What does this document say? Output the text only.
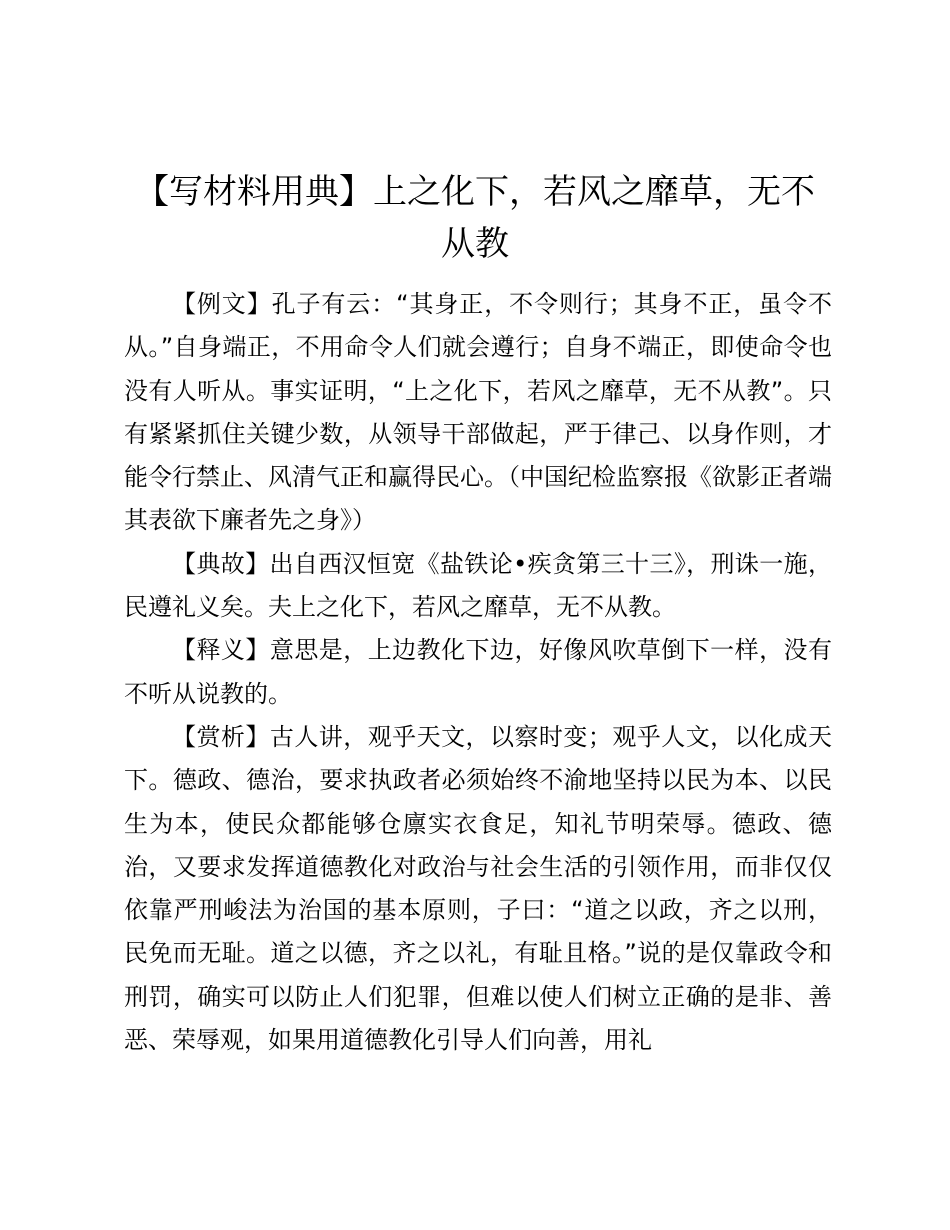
【写材料用典】上之化下，若风之靡草，无不从教

【例文】孔子有云：“其身正，不令则行；其身不正，虽令不从。”自身端正，不用命令人们就会遵行；自身不端正，即使命令也没有人听从。事实证明，“上之化下，若风之靡草，无不从教”。只有紧紧抓住关键少数，从领导干部做起，严于律己、以身作则，才能令行禁止、风清气正和赢得民心。（中国纪检监察报《欲影正者端其表欲下廉者先之身》）

【典故】出自西汉恒宽《盐铁论•疾贪第三十三》，刑诛一施，民遵礼义矣。夫上之化下，若风之靡草，无不从教。

【释义】意思是，上边教化下边，好像风吹草倒下一样，没有不听从说教的。

【赏析】古人讲，观乎天文，以察时变；观乎人文，以化成天下。德政、德治，要求执政者必须始终不渝地坚持以民为本、以民生为本，使民众都能够仓廪实衣食足，知礼节明荣辱。德政、德治，又要求发挥道德教化对政治与社会生活的引领作用，而非仅仅依靠严刑峻法为治国的基本原则，子曰：“道之以政，齐之以刑，民免而无耻。道之以德，齐之以礼，有耻且格。”说的是仅靠政令和刑罚，确实可以防止人们犯罪，但难以使人们树立正确的是非、善恶、荣辱观，如果用道德教化引导人们向善，用礼
